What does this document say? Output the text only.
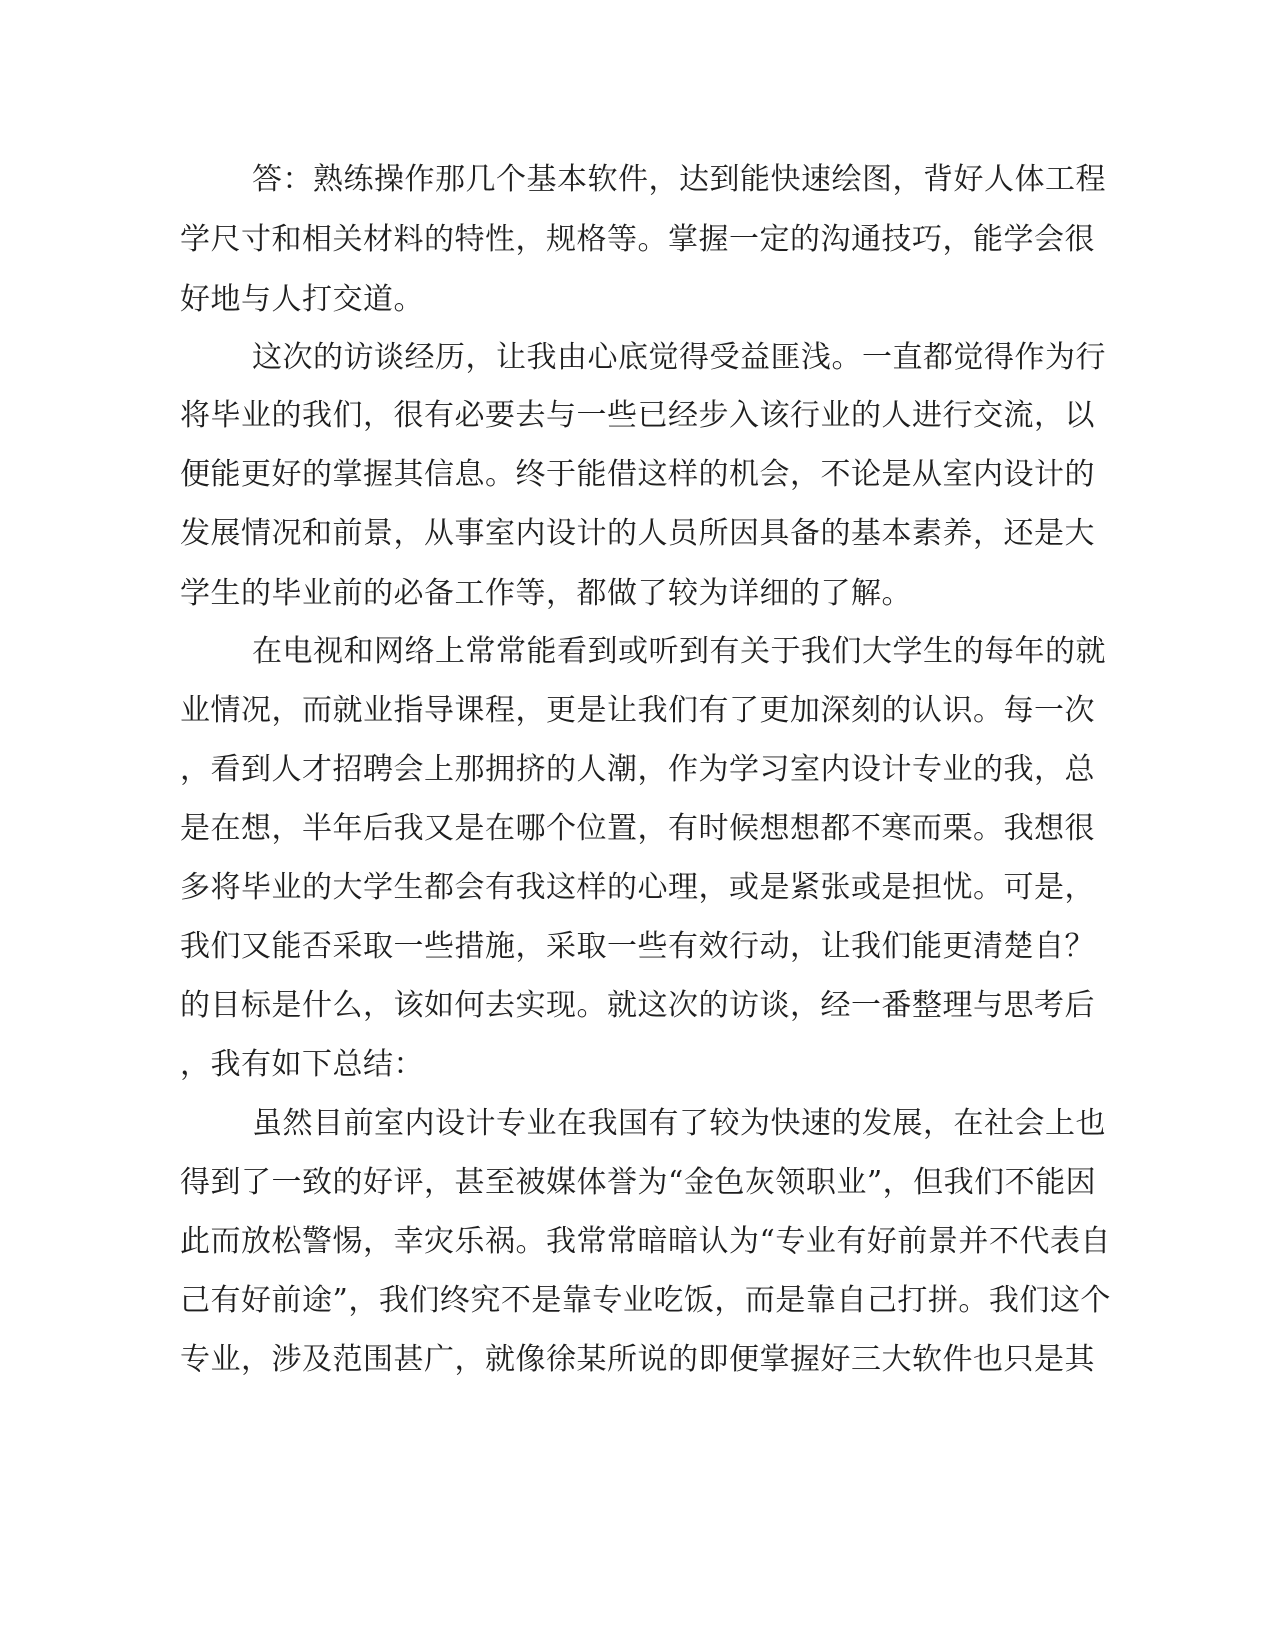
答：熟练操作那几个基本软件，达到能快速绘图，背好人体工程
学尺寸和相关材料的特性，规格等。掌握一定的沟通技巧，能学会很
好地与人打交道。
这次的访谈经历，让我由心底觉得受益匪浅。一直都觉得作为行
将毕业的我们，很有必要去与一些已经步入该行业的人进行交流，以
便能更好的掌握其信息。终于能借这样的机会，不论是从室内设计的
发展情况和前景，从事室内设计的人员所因具备的基本素养，还是大
学生的毕业前的必备工作等，都做了较为详细的了解。
在电视和网络上常常能看到或听到有关于我们大学生的每年的就
业情况，而就业指导课程，更是让我们有了更加深刻的认识。每一次
，看到人才招聘会上那拥挤的人潮，作为学习室内设计专业的我，总
是在想，半年后我又是在哪个位置，有时候想想都不寒而栗。我想很
多将毕业的大学生都会有我这样的心理，或是紧张或是担忧。可是，
我们又能否采取一些措施，采取一些有效行动，让我们能更清楚自？
的目标是什么，该如何去实现。就这次的访谈，经一番整理与思考后
，我有如下总结：
虽然目前室内设计专业在我国有了较为快速的发展，在社会上也
得到了一致的好评，甚至被媒体誉为“金色灰领职业”，但我们不能因
此而放松警惕，幸灾乐祸。我常常暗暗认为“专业有好前景并不代表自
己有好前途”，我们终究不是靠专业吃饭，而是靠自己打拼。我们这个
专业，涉及范围甚广，就像徐某所说的即便掌握好三大软件也只是其
